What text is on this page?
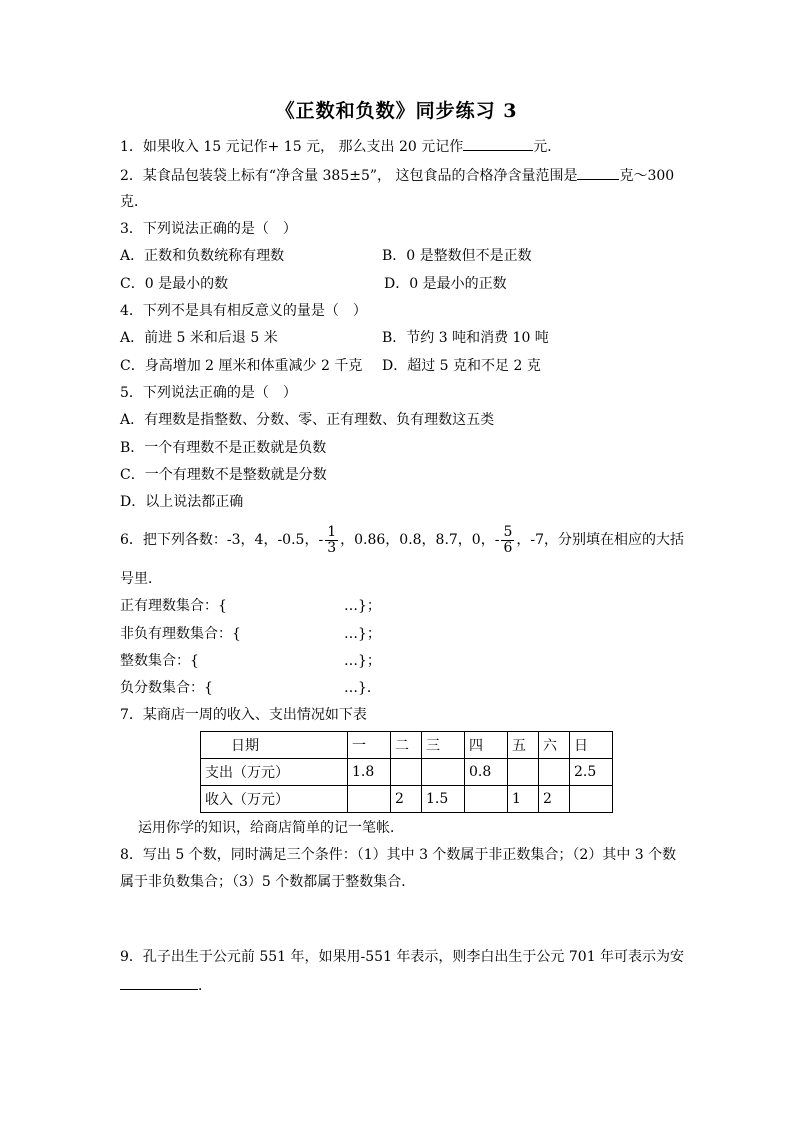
《正数和负数》同步练习 3
1．如果收入 15 元记作+ 15 元， 那么支出 20 元记作	元．
2．某食品包装袋上标有“净含量 385±5”， 这包食品的合格净含量范围是	克～300
克．
3．下列说法正确的是（　）
A．正数和负数统称有理数	B．0 是整数但不是正数
C．0 是最小的数	D．0 是最小的正数
4．下列不是具有相反意义的量是（　）
A．前进 5 米和后退 5 米	B．节约 3 吨和消费 10 吨
C．身高增加 2 厘米和体重减少 2 千克 D．超过 5 克和不足 2 克
5．下列说法正确的是（　）
A．有理数是指整数、分数、零、正有理数、负有理数这五类
B．一个有理数不是正数就是负数
C．一个有理数不是整数就是分数
D．以上说法都正确
6．把下列各数：-3，4，-0.5，- $\frac{1}{3}$ ，0.86，0.8，8.7，0，- $\frac{5}{6}$ ，-7，分别填在相应的大括
号里．
正有理数集合：{	…}；
非负有理数集合：{	…}；
整数集合：{	…}；
负分数集合：{	…}．
7．某商店一周的收入、支出情况如下表
日期	一	二	三	四	五	六	日
支出（万元）	1.8			0.8			2.5
收入（万元）		2	1.5		1	2	
运用你学的知识，给商店简单的记一笔帐．
8．写出 5 个数，同时满足三个条件：（1）其中 3 个数属于非正数集合；（2）其中 3 个数
属于非负数集合；（3）5 个数都属于整数集合．
9．孔子出生于公元前 551 年，如果用-551 年表示，则李白出生于公元 701 年可表示为安
．
